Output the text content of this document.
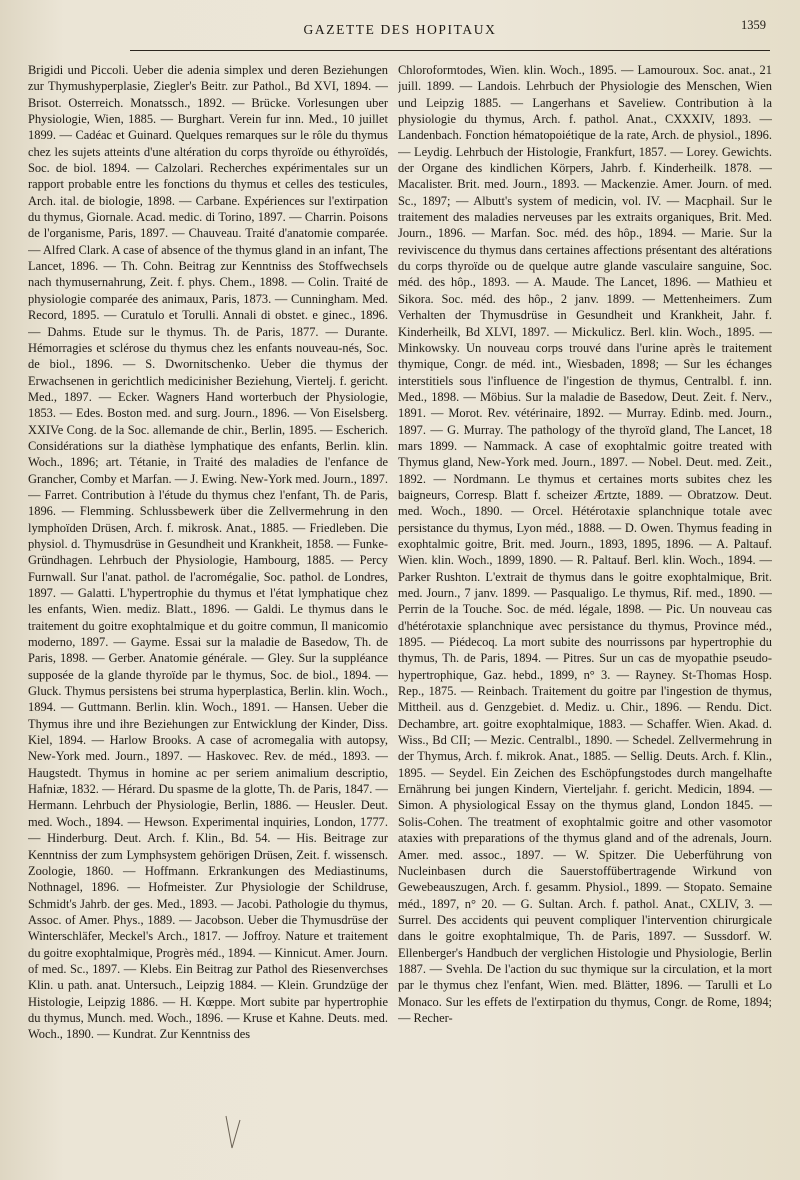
GAZETTE DES HOPITAUX	1359

Brigidi und Piccoli. Ueber die adenia simplex und deren Beziehungen zur Thymushyperplasie, Ziegler's Beitr. zur Pathol., Bd XVI, 1894. — Brisot. Osterreich. Monatssch., 1892. — Brücke. Vorlesungen uber Physiologie, Wien, 1885. — Burghart. Verein fur inn. Med., 10 juillet 1899. — Cadéac et Guinard. Quelques remarques sur le rôle du thymus chez les sujets atteints d'une altération du corps thyroïde ou éthyroïdés, Soc. de biol. 1894. — Calzolari. Recherches expérimentales sur un rapport probable entre les fonctions du thymus et celles des testicules, Arch. ital. de biologie, 1898. — Carbane. Expériences sur l'extirpation du thymus, Giornale. Acad. medic. di Torino, 1897. — Charrin. Poisons de l'organisme, Paris, 1897. — Chauveau. Traité d'anatomie comparée. — Alfred Clark. A case of absence of the thymus gland in an infant, The Lancet, 1896. — Th. Cohn. Beitrag zur Kenntniss des Stoffwechsels nach thymusernahrung, Zeit. f. phys. Chem., 1898. — Colin. Traité de physiologie comparée des animaux, Paris, 1873. — Cunningham. Med. Record, 1895. — Curatulo et Torulli. Annali di obstet. e ginec., 1896. — Dahms. Etude sur le thymus. Th. de Paris, 1877. — Durante. Hémorragies et sclérose du thymus chez les enfants nouveau-nés, Soc. de biol., 1896. — S. Dwornitschenko. Ueber die thymus der Erwachsenen in gerichtlich medicinisher Beziehung, Viertelj. f. gericht. Med., 1897. — Ecker. Wagners Hand worterbuch der Physiologie, 1853. — Edes. Boston med. and surg. Journ., 1896. — Von Eiselsberg. XXIVe Cong. de la Soc. allemande de chir., Berlin, 1895. — Escherich. Considérations sur la diathèse lymphatique des enfants, Berlin. klin. Woch., 1896; art. Tétanie, in Traité des maladies de l'enfance de Grancher, Comby et Marfan. — J. Ewing. New-York med. Journ., 1897. — Farret. Contribution à l'étude du thymus chez l'enfant, Th. de Paris, 1896. — Flemming. Schlussbewerk über die Zellvermehrung in den lymphoïden Drüsen, Arch. f. mikrosk. Anat., 1885. — Friedleben. Die physiol. d. Thymusdrüse in Gesundheit und Krankheit, 1858. — Funke-Gründhagen. Lehrbuch der Physiologie, Hambourg, 1885. — Percy Furnwall. Sur l'anat. pathol. de l'acromégalie, Soc. pathol. de Londres, 1897. — Galatti. L'hypertrophie du thymus et l'état lymphatique chez les enfants, Wien. mediz. Blatt., 1896. — Galdi. Le thymus dans le traitement du goitre exophtalmique et du goitre commun, Il manicomio moderno, 1897. — Gayme. Essai sur la maladie de Basedow, Th. de Paris, 1898. — Gerber. Anatomie générale. — Gley. Sur la suppléance supposée de la glande thyroïde par le thymus, Soc. de biol., 1894. — Gluck. Thymus persistens bei struma hyperplastica, Berlin. klin. Woch., 1894. — Guttmann. Berlin. klin. Woch., 1891. — Hansen. Ueber die Thymus ihre und ihre Beziehungen zur Entwicklung der Kinder, Diss. Kiel, 1894. — Harlow Brooks. A case of acromegalia with autopsy, New-York med. Journ., 1897. — Haskovec. Rev. de méd., 1893. — Haugstedt. Thymus in homine ac per seriem animalium descriptio, Hafniæ, 1832. — Hérard. Du spasme de la glotte, Th. de Paris, 1847. — Hermann. Lehrbuch der Physiologie, Berlin, 1886. — Heusler. Deut. med. Woch., 1894. — Hewson. Experimental inquiries, London, 1777. — Hinderburg. Deut. Arch. f. Klin., Bd. 54. — His. Beitrage zur Kenntniss der zum Lymphsystem gehörigen Drüsen, Zeit. f. wissensch. Zoologie, 1860. — Hoffmann. Erkrankungen des Mediastinums, Nothnagel, 1896. — Hofmeister. Zur Physiologie der Schildruse, Schmidt's Jahrb. der ges. Med., 1893. — Jacobi. Pathologie du thymus, Assoc. of Amer. Phys., 1889. — Jacobson. Ueber die Thymusdrüse der Winterschläfer, Meckel's Arch., 1817. — Joffroy. Nature et traitement du goitre exophtalmique, Progrès méd., 1894. — Kinnicut. Amer. Journ. of med. Sc., 1897. — Klebs. Ein Beitrag zur Pathol des Riesenverchses Klin. u path. anat. Untersuch., Leipzig 1884. — Klein. Grundzüge der Histologie, Leipzig 1886. — H. Kœppe. Mort subite par hypertrophie du thymus, Munch. med. Woch., 1896. — Kruse et Kahne. Deuts. med. Woch., 1890. — Kundrat. Zur Kenntniss des

Chloroformtodes, Wien. klin. Woch., 1895. — Lamouroux. Soc. anat., 21 juill. 1899. — Landois. Lehrbuch der Physiologie des Menschen, Wien und Leipzig 1885. — Langerhans et Saveliew. Contribution à la physiologie du thymus, Arch. f. pathol. Anat., CXXXIV, 1893. — Landenbach. Fonction hématopoiétique de la rate, Arch. de physiol., 1896. — Leydig. Lehrbuch der Histologie, Frankfurt, 1857. — Lorey. Gewichts. der Organe des kindlichen Körpers, Jahrb. f. Kinderheilk. 1878. — Macalister. Brit. med. Journ., 1893. — Mackenzie. Amer. Journ. of med. Sc., 1897; — Albutt's system of medicin, vol. IV. — Macphail. Sur le traitement des maladies nerveuses par les extraits organiques, Brit. Med. Journ., 1896. — Marfan. Soc. méd. des hôp., 1894. — Marie. Sur la reviviscence du thymus dans certaines affections présentant des altérations du corps thyroïde ou de quelque autre glande vasculaire sanguine, Soc. méd. des hôp., 1893. — A. Maude. The Lancet, 1896. — Mathieu et Sikora. Soc. méd. des hôp., 2 janv. 1899. — Mettenheimers. Zum Verhalten der Thymusdrüse in Gesundheit und Krankheit, Jahr. f. Kinderheilk, Bd XLVI, 1897. — Mickulicz. Berl. klin. Woch., 1895. — Minkowsky. Un nouveau corps trouvé dans l'urine après le traitement thymique, Congr. de méd. int., Wiesbaden, 1898; — Sur les échanges interstitiels sous l'influence de l'ingestion de thymus, Centralbl. f. inn. Med., 1898. — Möbius. Sur la maladie de Basedow, Deut. Zeit. f. Nerv., 1891. — Morot. Rev. vétérinaire, 1892. — Murray. Edinb. med. Journ., 1897. — G. Murray. The pathology of the thyroïd gland, The Lancet, 18 mars 1899. — Nammack. A case of exophtalmic goitre treated with Thymus gland, New-York med. Journ., 1897. — Nobel. Deut. med. Zeit., 1892. — Nordmann. Le thymus et certaines morts subites chez les baigneurs, Corresp. Blatt f. scheizer Ærtzte, 1889. — Obratzow. Deut. med. Woch., 1890. — Orcel. Hétérotaxie splanchnique totale avec persistance du thymus, Lyon méd., 1888. — D. Owen. Thymus feading in exophtalmic goitre, Brit. med. Journ., 1893, 1895, 1896. — A. Paltauf. Wien. klin. Woch., 1899, 1890. — R. Paltauf. Berl. klin. Woch., 1894. — Parker Rushton. L'extrait de thymus dans le goitre exophtalmique, Brit. med. Journ., 7 janv. 1899. — Pasqualigo. Le thymus, Rif. med., 1890. — Perrin de la Touche. Soc. de méd. légale, 1898. — Pic. Un nouveau cas d'hétérotaxie splanchnique avec persistance du thymus, Province méd., 1895. — Piédecoq. La mort subite des nourrissons par hypertrophie du thymus, Th. de Paris, 1894. — Pitres. Sur un cas de myopathie pseudo-hypertrophique, Gaz. hebd., 1899, n° 3. — Rayney. St-Thomas Hosp. Rep., 1875. — Reinbach. Traitement du goitre par l'ingestion de thymus, Mittheil. aus d. Genzgebiet. d. Mediz. u. Chir., 1896. — Rendu. Dict. Dechambre, art. goitre exophtalmique, 1883. — Schaffer. Wien. Akad. d. Wiss., Bd CII; — Mezic. Centralbl., 1890. — Schedel. Zellvermehrung in der Thymus, Arch. f. mikrok. Anat., 1885. — Sellig. Deuts. Arch. f. Klin., 1895. — Seydel. Ein Zeichen des Eschöpfungstodes durch mangelhafte Ernährung bei jungen Kindern, Vierteljahr. f. gericht. Medicin, 1894. — Simon. A physiological Essay on the thymus gland, London 1845. — Solis-Cohen. The treatment of exophtalmic goitre and other vasomotor ataxies with preparations of the thymus gland and of the adrenals, Journ. Amer. med. assoc., 1897. — W. Spitzer. Die Ueberführung von Nucleinbasen durch die Sauerstoffübertragende Wirkund von Gewebeauszugen, Arch. f. gesamm. Physiol., 1899. — Stopato. Semaine méd., 1897, n° 20. — G. Sultan. Arch. f. pathol. Anat., CXLIV, 3. — Surrel. Des accidents qui peuvent compliquer l'intervention chirurgicale dans le goitre exophtalmique, Th. de Paris, 1897. — Sussdorf. W. Ellenberger's Handbuch der verglichen Histologie und Physiologie, Berlin 1887. — Svehla. De l'action du suc thymique sur la circulation, et la mort par le thymus chez l'enfant, Wien. med. Blätter, 1896. — Tarulli et Lo Monaco. Sur les effets de l'extirpation du thymus, Congr. de Rome, 1894; — Recher-
